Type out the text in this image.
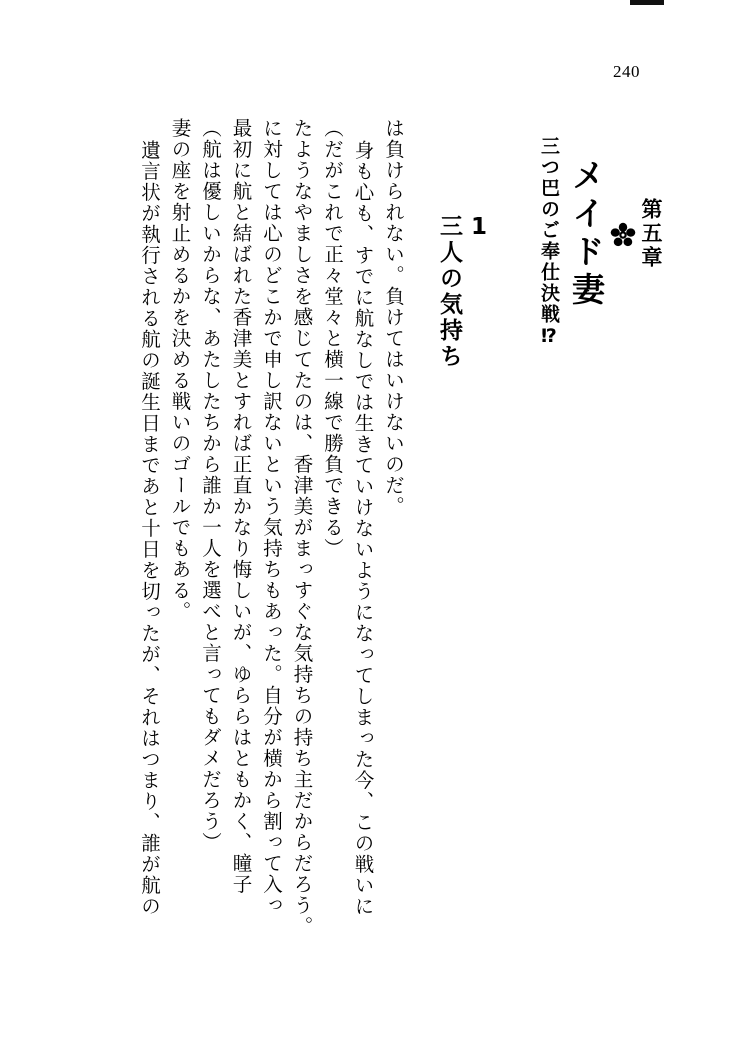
240
第五章
メイド妻
三つ巴のご奉仕決戦⁉
1
三人の気持ち
遺言状が執行される航の誕生日まであと十日を切ったが、それはつまり、誰が航の 妻の座を射止めるかを決める戦いのゴールでもある。 （航は優しいからな、あたしたちから誰か一人を選べと言ってもダメだろう） 最初に航と結ばれた香津美とすれば正直かなり悔しいが、ゆららはともかく、瞳子 に対しては心のどこかで申し訳ないという気持ちもあった。自分が横から割って入っ たようなやましさを感じてたのは、香津美がまっすぐな気持ちの持ち主だからだろう。 （だがこれで正々堂々と横一線で勝負できる） 身も心も、すでに航なしでは生きていけないようになってしまった今、この戦いに は負けられない。負けてはいけないのだ。
